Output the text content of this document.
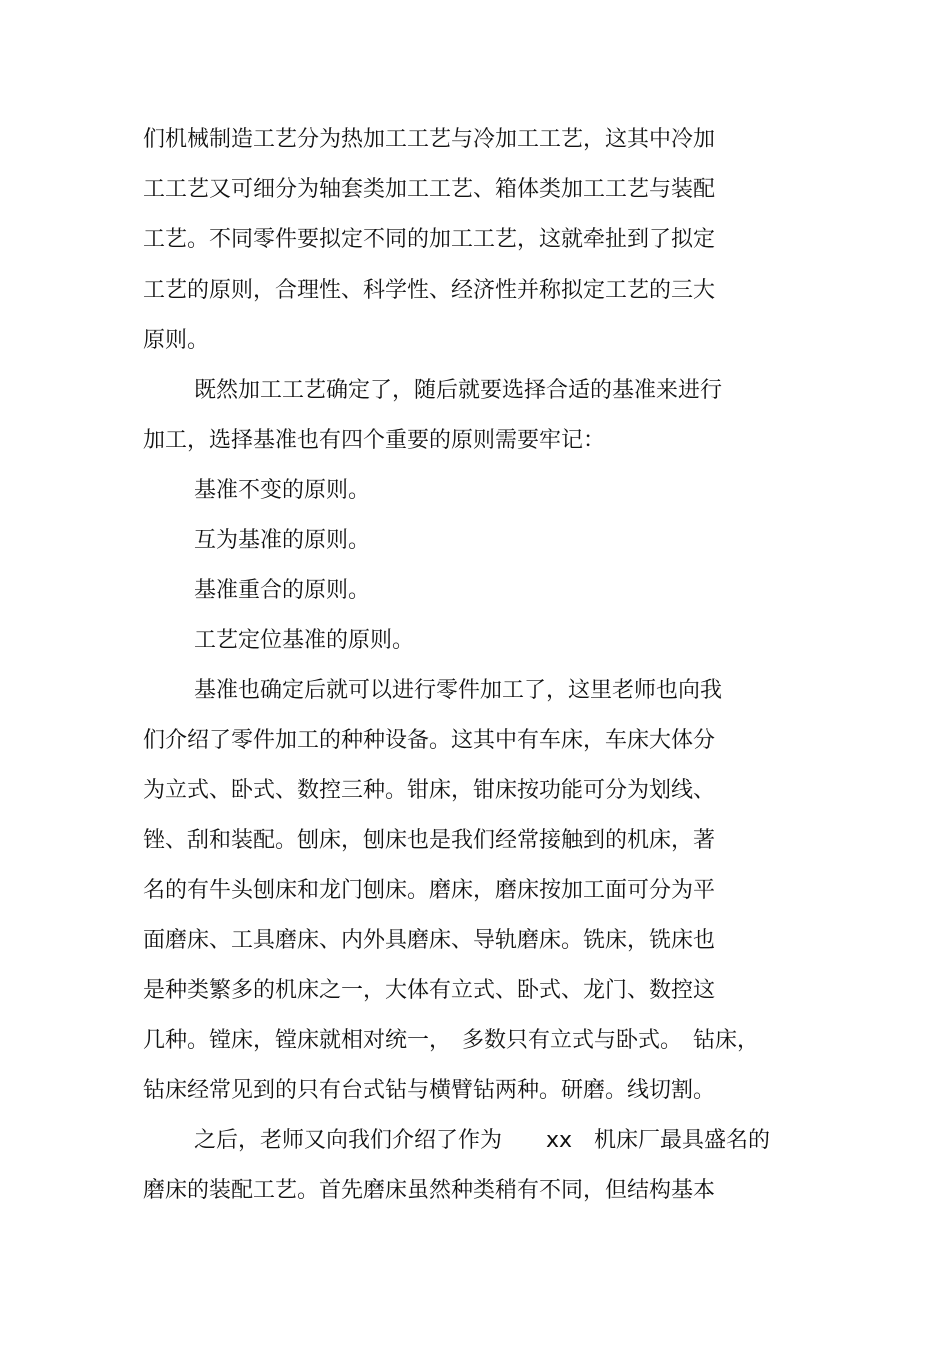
们机械制造工艺分为热加工工艺与冷加工工艺，这其中冷加
工工艺又可细分为轴套类加工工艺、箱体类加工工艺与装配
工艺。不同零件要拟定不同的加工工艺，这就牵扯到了拟定
工艺的原则，合理性、科学性、经济性并称拟定工艺的三大
原则。
既然加工工艺确定了，随后就要选择合适的基准来进行
加工，选择基准也有四个重要的原则需要牢记：
基准不变的原则。
互为基准的原则。
基准重合的原则。
工艺定位基准的原则。
基准也确定后就可以进行零件加工了，这里老师也向我
们介绍了零件加工的种种设备。这其中有车床，车床大体分
为立式、卧式、数控三种。钳床，钳床按功能可分为划线、
锉、刮和装配。刨床，刨床也是我们经常接触到的机床，著
名的有牛头刨床和龙门刨床。磨床，磨床按加工面可分为平
面磨床、工具磨床、内外具磨床、导轨磨床。铣床，铣床也
是种类繁多的机床之一，大体有立式、卧式、龙门、数控这
几种。镗床，镗床就相对统一，　多数只有立式与卧式。　钻床，
钻床经常见到的只有台式钻与横臂钻两种。研磨。线切割。
之后，老师又向我们介绍了作为　　xx　机床厂最具盛名的
磨床的装配工艺。首先磨床虽然种类稍有不同，但结构基本
